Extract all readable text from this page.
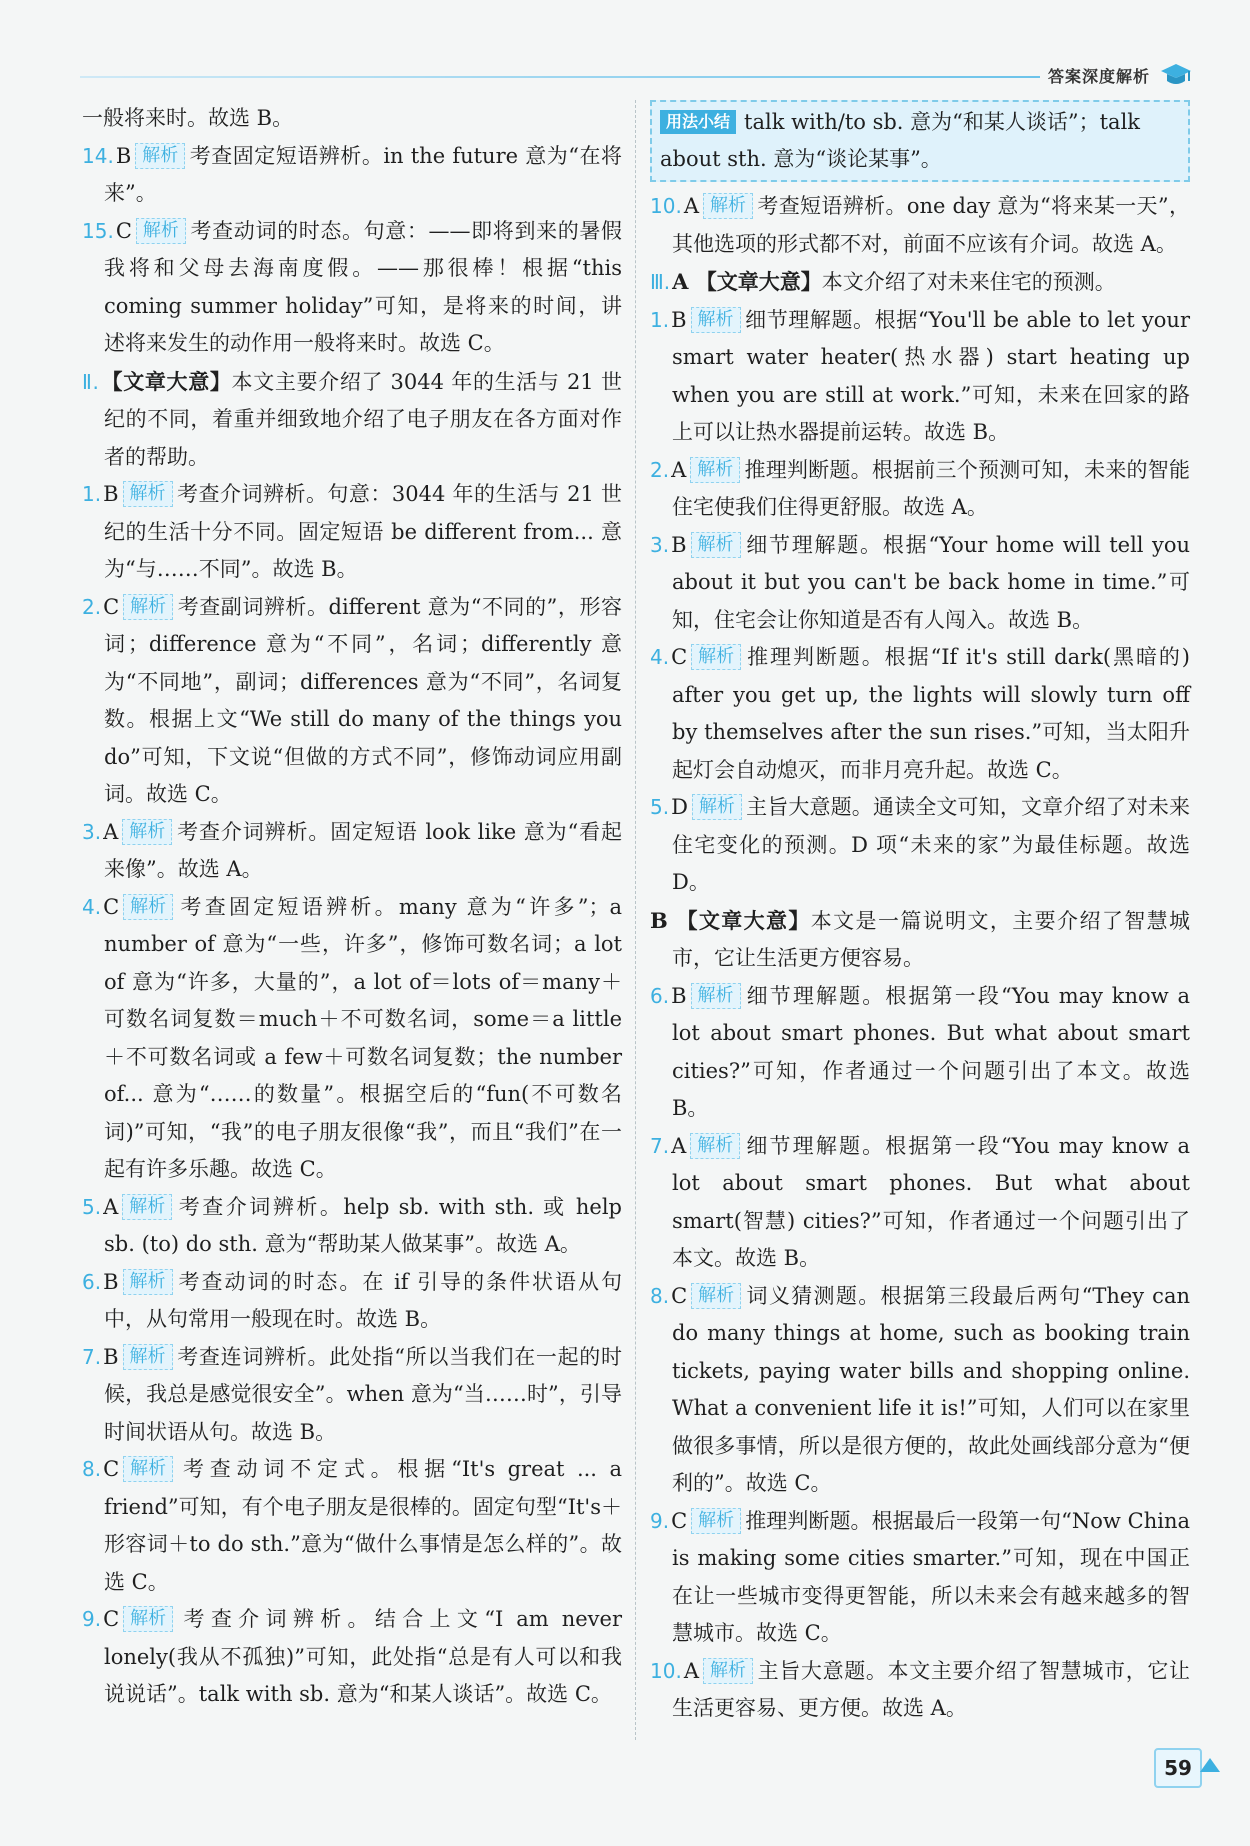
答案深度解析
一般将来时。故选 B。
14.B 解析 考查固定短语辨析。in the future 意为“在将来”。
15.C 解析 考查动词的时态。句意：——即将到来的暑假我将和父母去海南度假。——那很棒！根据“this coming summer holiday”可知，是将来的时间，讲述将来发生的动作用一般将来时。故选 C。
Ⅱ.【文章大意】本文主要介绍了 3044 年的生活与 21 世纪的不同，着重并细致地介绍了电子朋友在各方面对作者的帮助。
1.B 解析 考查介词辨析。句意：3044 年的生活与 21 世纪的生活十分不同。固定短语 be different from... 意为“与……不同”。故选 B。
2.C 解析 考查副词辨析。different 意为“不同的”，形容词；difference 意为“不同”，名词；differently 意为“不同地”，副词；differences 意为“不同”，名词复数。根据上文“We still do many of the things you do”可知，下文说“但做的方式不同”，修饰动词应用副词。故选 C。
3.A 解析 考查介词辨析。固定短语 look like 意为“看起来像”。故选 A。
4.C 解析 考查固定短语辨析。many 意为“许多”；a number of 意为“一些，许多”，修饰可数名词；a lot of 意为“许多，大量的”，a lot of＝lots of＝many＋可数名词复数＝much＋不可数名词，some＝a little＋不可数名词或 a few＋可数名词复数；the number of... 意为“……的数量”。根据空后的“fun(不可数名词)”可知，“我”的电子朋友很像“我”，而且“我们”在一起有许多乐趣。故选 C。
5.A 解析 考查介词辨析。help sb. with sth. 或 help sb. (to) do sth. 意为“帮助某人做某事”。故选 A。
6.B 解析 考查动词的时态。在 if 引导的条件状语从句中，从句常用一般现在时。故选 B。
7.B 解析 考查连词辨析。此处指“所以当我们在一起的时候，我总是感觉很安全”。when 意为“当……时”，引导时间状语从句。故选 B。
8.C 解析 考查动词不定式。根据“It's great ... a friend”可知，有个电子朋友是很棒的。固定句型“It's＋形容词＋to do sth.”意为“做什么事情是怎么样的”。故选 C。
9.C 解析 考查介词辨析。结合上文“I am never lonely(我从不孤独)”可知，此处指“总是有人可以和我说说话”。talk with sb. 意为“和某人谈话”。故选 C。
用法小结 talk with/to sb. 意为“和某人谈话”；talk about sth. 意为“谈论某事”。
10.A 解析 考查短语辨析。one day 意为“将来某一天”，其他选项的形式都不对，前面不应该有介词。故选 A。
Ⅲ.A 【文章大意】本文介绍了对未来住宅的预测。
1.B 解析 细节理解题。根据“You'll be able to let your smart water heater(热水器) start heating up when you are still at work.”可知，未来在回家的路上可以让热水器提前运转。故选 B。
2.A 解析 推理判断题。根据前三个预测可知，未来的智能住宅使我们住得更舒服。故选 A。
3.B 解析 细节理解题。根据“Your home will tell you about it but you can't be back home in time.”可知，住宅会让你知道是否有人闯入。故选 B。
4.C 解析 推理判断题。根据“If it's still dark(黑暗的) after you get up, the lights will slowly turn off by themselves after the sun rises.”可知，当太阳升起灯会自动熄灭，而非月亮升起。故选 C。
5.D 解析 主旨大意题。通读全文可知，文章介绍了对未来住宅变化的预测。D 项“未来的家”为最佳标题。故选 D。
B 【文章大意】本文是一篇说明文，主要介绍了智慧城市，它让生活更方便容易。
6.B 解析 细节理解题。根据第一段“You may know a lot about smart phones. But what about smart cities?”可知，作者通过一个问题引出了本文。故选 B。
7.A 解析 细节理解题。根据第一段“You may know a lot about smart phones. But what about smart(智慧) cities?”可知，作者通过一个问题引出了本文。故选 B。
8.C 解析 词义猜测题。根据第三段最后两句“They can do many things at home, such as booking train tickets, paying water bills and shopping online. What a convenient life it is!”可知，人们可以在家里做很多事情，所以是很方便的，故此处画线部分意为“便利的”。故选 C。
9.C 解析 推理判断题。根据最后一段第一句“Now China is making some cities smarter.”可知，现在中国正在让一些城市变得更智能，所以未来会有越来越多的智慧城市。故选 C。
10.A 解析 主旨大意题。本文主要介绍了智慧城市，它让生活更容易、更方便。故选 A。
59
